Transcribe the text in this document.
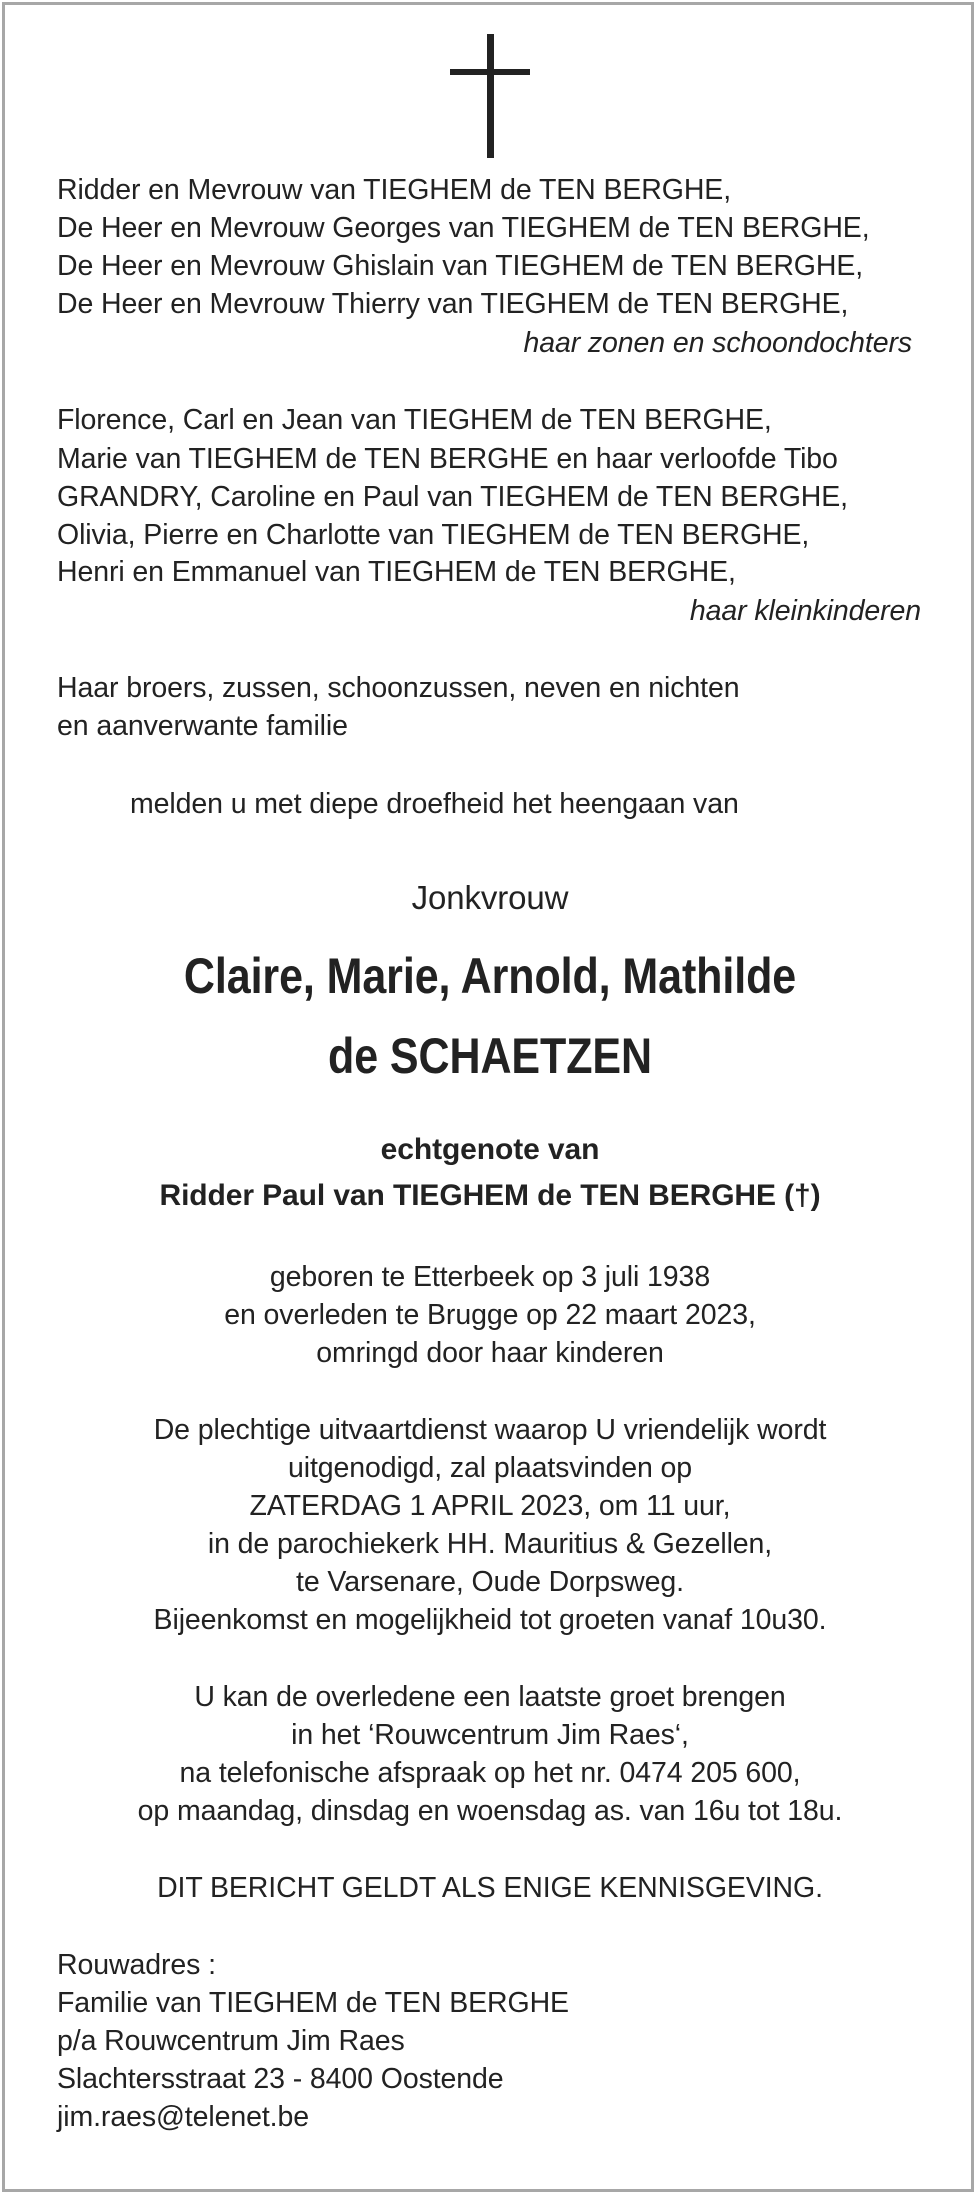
Ridder en Mevrouw van TIEGHEM de TEN BERGHE,
De Heer en Mevrouw Georges van TIEGHEM de TEN BERGHE,
De Heer en Mevrouw Ghislain van TIEGHEM de TEN BERGHE,
De Heer en Mevrouw Thierry van TIEGHEM de TEN BERGHE,
haar zonen en schoondochters
Florence, Carl en Jean van TIEGHEM de TEN BERGHE,
Marie van TIEGHEM de TEN BERGHE en haar verloofde Tibo
GRANDRY, Caroline en Paul van TIEGHEM de TEN BERGHE,
Olivia, Pierre en Charlotte van TIEGHEM de TEN BERGHE,
Henri en Emmanuel van TIEGHEM de TEN BERGHE,
haar kleinkinderen
Haar broers, zussen, schoonzussen, neven en nichten
en aanverwante familie
melden u met diepe droefheid het heengaan van
Jonkvrouw
Claire, Marie, Arnold, Mathilde
de SCHAETZEN
echtgenote van
Ridder Paul van TIEGHEM de TEN BERGHE (†)
geboren te Etterbeek op 3 juli 1938
en overleden te Brugge op 22 maart 2023,
omringd door haar kinderen
De plechtige uitvaartdienst waarop U vriendelijk wordt
uitgenodigd, zal plaatsvinden op
ZATERDAG 1 APRIL 2023, om 11 uur,
in de parochiekerk HH. Mauritius & Gezellen,
te Varsenare, Oude Dorpsweg.
Bijeenkomst en mogelijkheid tot groeten vanaf 10u30.
U kan de overledene een laatste groet brengen
in het ‘Rouwcentrum Jim Raes‘,
na telefonische afspraak op het nr. 0474 205 600,
op maandag, dinsdag en woensdag as. van 16u tot 18u.
DIT BERICHT GELDT ALS ENIGE KENNISGEVING.
Rouwadres :
Familie van TIEGHEM de TEN BERGHE
p/a Rouwcentrum Jim Raes
Slachtersstraat 23 - 8400 Oostende
jim.raes@telenet.be
